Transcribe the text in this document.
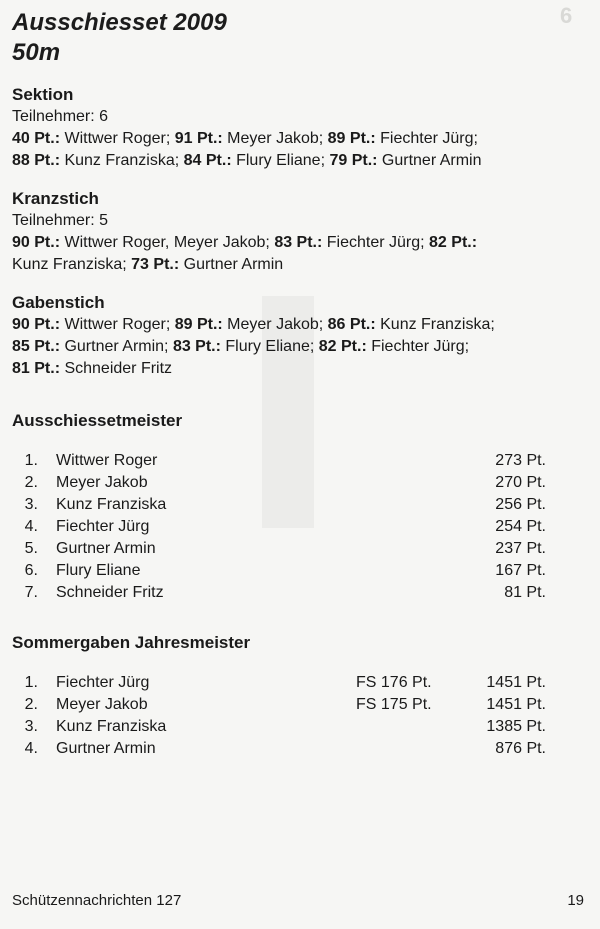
6
Ausschiesset 2009
50m
Sektion
Teilnehmer: 6
40 Pt.: Wittwer Roger; 91 Pt.: Meyer Jakob; 89 Pt.: Fiechter Jürg;
88 Pt.: Kunz Franziska; 84 Pt.: Flury Eliane; 79 Pt.: Gurtner Armin
Kranzstich
Teilnehmer: 5
90 Pt.: Wittwer Roger, Meyer Jakob; 83 Pt.: Fiechter Jürg; 82 Pt.:
Kunz Franziska; 73 Pt.: Gurtner Armin
Gabenstich
90 Pt.: Wittwer Roger; 89 Pt.: Meyer Jakob; 86 Pt.: Kunz Franziska;
85 Pt.: Gurtner Armin; 83 Pt.: Flury Eliane; 82 Pt.: Fiechter Jürg;
81 Pt.: Schneider Fritz
Ausschiessetmeister
1.	Wittwer Roger	273 Pt.
2.	Meyer Jakob	270 Pt.
3.	Kunz Franziska	256 Pt.
4.	Fiechter Jürg	254 Pt.
5.	Gurtner Armin	237 Pt.
6.	Flury Eliane	167 Pt.
7.	Schneider Fritz	81 Pt.
Sommergaben Jahresmeister
1.	Fiechter Jürg	FS 176 Pt.	1451 Pt.
2.	Meyer Jakob	FS 175 Pt.	1451 Pt.
3.	Kunz Franziska		1385 Pt.
4.	Gurtner Armin		876 Pt.
Schützennachrichten 127	19
